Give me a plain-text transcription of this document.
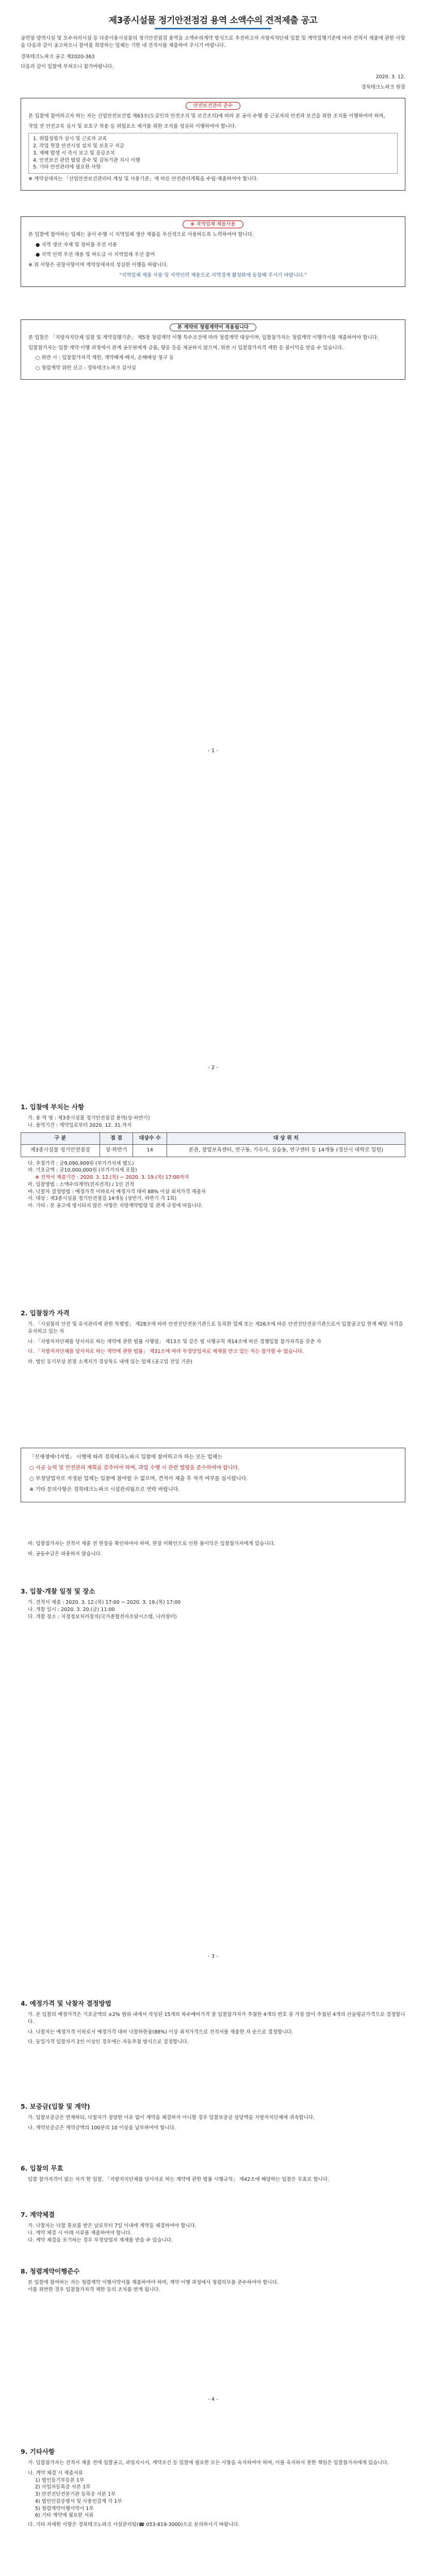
제3종시설물 정기안전점검 용역 소액수의 견적제출 공고

공연장 방역시설 및 오수처리시설 등 다중이용시설물의 정기안전점검 용역을 소액수의계약 방식으로 추진하고자 지방자치단체 입찰 및 계약집행기준에 따라 견적서 제출에 관한 사항을 다음과 같이 공고하오니 참여를 희망하는 업체는 기한 내 견적서를 제출하여 주시기 바랍니다.

경북테크노파크 공고 제2020-363

다음과 같이 입찰에 부쳐오니 참가바랍니다.

2020. 3. 12.

경북테크노파크 원장

안전보건관리 준수

본 입찰에 참여하고자 하는 자는 산업안전보건법 제63조(도급인의 안전조치 및 보건조치)에 따라 본 공사 수행 중 근로자의 안전과 보건을 위한 조치를 이행하여야 하며,

작업 전 안전교육 실시 및 보호구 착용 등 위험요소 제거를 위한 조치를 성실히 이행하여야 합니다.

1. 위험성평가 실시 및 근로자 교육
2. 작업 현장 안전시설 설치 및 보호구 지급
3. 재해 발생 시 즉시 보고 및 응급조치
4. 안전보건 관련 법령 준수 및 감독기관 지시 이행
5. 기타 안전관리에 필요한 사항

※ 계약상대자는 「산업안전보건관리비 계상 및 사용기준」에 따른 안전관리계획을 수립·제출하여야 합니다.

※ 지역업체 제품사용

본 입찰에 참여하는 업체는 공사 수행 시 지역업체 생산 제품을 우선적으로 사용하도록 노력하여야 합니다.

● 지역 생산 자재 및 장비를 우선 사용

● 지역 인력 우선 채용 및 하도급 시 지역업체 우선 참여

※ 위 사항은 권장사항이며 계약상대자의 성실한 이행을 바랍니다.

"지역업체 제품 사용 및 지역인력 채용으로 지역경제 활성화에 동참해 주시기 바랍니다."

본 계약의 청렴계약이 적용됩니다

본 입찰은 「지방자치단체 입찰 및 계약집행기준」 제5장 청렴계약 이행 특수조건에 따라 청렴계약 대상이며, 입찰참가자는 청렴계약 이행각서를 제출하여야 합니다.

입찰참가자는 입찰·계약·이행 과정에서 관계 공무원에게 금품, 향응 등을 제공하지 않으며, 위반 시 입찰참가자격 제한 등 불이익을 받을 수 있습니다.

○ 위반 시 : 입찰참가자격 제한, 계약해제·해지, 손해배상 청구 등

○ 청렴계약 위반 신고 : 경북테크노파크 감사실

- 1 -
- 2 -
1. 입찰에 부치는 사항
가. 용 역 명 : 제3종시설물 정기안전점검 용역(상·하반기)
나. 용역기간 : 계약일로부터 2020. 12. 31.까지
구 분	점 검	대상수 수	대 상 위 치
제3종시설물 정기안전점검	상·하반기	14	본관, 창업보육센터, 연구동, 기숙사, 실습동, 연구센터 등 14개동 (경산시 대학로 일원)
다. 추정가격 : 금9,090,909원 (부가가치세 별도)
라. 기초금액 : 금10,000,000원 (부가가치세 포함)
※ 견적서 제출기간 : 2020. 3. 12.(목) ~ 2020. 3. 19.(목) 17:00까지
마. 입찰방법 : 소액수의계약(전자견적) / 1인 견적
바. 낙찰자 결정방법 : 예정가격 이하로서 예정가격 대비 88% 이상 최저가격 제출자
사. 대상 : 제3종시설물 정기안전점검 14개동 (상반기, 하반기 각 1회)
아. 기타 : 본 공고에 명시되지 않은 사항은 지방계약법령 및 관계 규정에 따릅니다.
2. 입찰참가 자격
가. 「시설물의 안전 및 유지관리에 관한 특별법」 제28조에 따라 안전진단전문기관으로 등록한 업체 또는 제26조에 따른 안전진단전문기관으로서 입찰공고일 현재 해당 자격을 유지하고 있는 자
나. 「지방자치단체를 당사자로 하는 계약에 관한 법률 시행령」 제13조 및 같은 법 시행규칙 제14조에 따른 경쟁입찰 참가자격을 갖춘 자
다. 「지방자치단체를 당사자로 하는 계약에 관한 법률」 제31조에 따라 부정당업자로 제재를 받고 있는 자는 참가할 수 없습니다.
라. 법인 등기부상 본점 소재지가 경상북도 내에 있는 업체 (공고일 전일 기준)

「신재생에너지법」 시행에 따라 경북테크노파크 입찰에 참여하고자 하는 모든 업체는

○ 시공 능력 및 안전관리 계획을 갖추어야 하며, 과업 수행 시 관련 법령을 준수하여야 합니다.

○ 부정당업자로 지정된 업체는 입찰에 참여할 수 없으며, 견적서 제출 후 적격 여부를 심사합니다.

※ 기타 문의사항은 경북테크노파크 시설관리팀으로 연락 바랍니다.

마. 입찰참가자는 견적서 제출 전 현장을 확인하여야 하며, 현장 미확인으로 인한 불이익은 입찰참가자에게 있습니다.
바. 공동수급은 허용하지 않습니다.
3. 입찰·개찰 일정 및 장소
가. 견적서 제출 : 2020. 3. 12.(목) 17:00 ~ 2020. 3. 19.(목) 17:00
나. 개찰 일시 : 2020. 3. 20.(금) 11:00
다. 개찰 장소 : 지정정보처리장치(국가종합전자조달시스템, 나라장터)
- 3 -
4. 예정가격 및 낙찰자 결정방법
가. 본 입찰의 예정가격은 기초금액의 ±2% 범위 내에서 작성된 15개의 복수예비가격 중 입찰참가자가 추첨한 4개의 번호 중 가장 많이 추첨된 4개의 산술평균가격으로 결정합니다.
나. 낙찰자는 예정가격 이하로서 예정가격 대비 낙찰하한율(88%) 이상 최저가격으로 견적서를 제출한 자 순으로 결정합니다.
다. 동일가격 입찰자가 2인 이상인 경우에는 자동추첨 방식으로 결정합니다.
5. 보증금(입찰 및 계약)
가. 입찰보증금은 면제하되, 낙찰자가 정당한 이유 없이 계약을 체결하지 아니할 경우 입찰보증금 상당액을 지방자치단체에 귀속합니다.
나. 계약보증금은 계약금액의 100분의 10 이상을 납부하여야 합니다.
6. 입찰의 무효
입찰 참가자격이 없는 자가 한 입찰, 「지방자치단체를 당사자로 하는 계약에 관한 법률 시행규칙」 제42조에 해당하는 입찰은 무효로 합니다.
7. 계약체결
가. 낙찰자는 낙찰 통보를 받은 날로부터 7일 이내에 계약을 체결하여야 합니다.
나. 계약 체결 시 아래 서류를 제출하여야 합니다.
다. 계약 체결을 포기하는 경우 부정당업자 제재를 받을 수 있습니다.
8. 청렴계약이행준수
본 입찰에 참여하는 자는 청렴계약 이행서약서를 제출하여야 하며, 계약 이행 과정에서 청렴의무를 준수하여야 합니다.
이를 위반한 경우 입찰참가자격 제한 등의 조치를 받게 됩니다.
- 4 -
9. 기타사항
가. 입찰참가자는 견적서 제출 전에 입찰공고, 과업지시서, 계약조건 등 입찰에 필요한 모든 사항을 숙지하여야 하며, 이를 숙지하지 못한 책임은 입찰참가자에게 있습니다.
나. 계약 체결 시 제출서류
1) 법인등기부등본 1부
2) 사업자등록증 사본 1부
3) 안전진단전문기관 등록증 사본 1부
4) 법인인감증명서 및 사용인감계 각 1부
5) 청렴계약이행서약서 1부
6) 기타 계약에 필요한 서류
다. 기타 자세한 사항은 경북테크노파크 시설관리팀(☎ 053-819-3000)으로 문의하시기 바랍니다.
